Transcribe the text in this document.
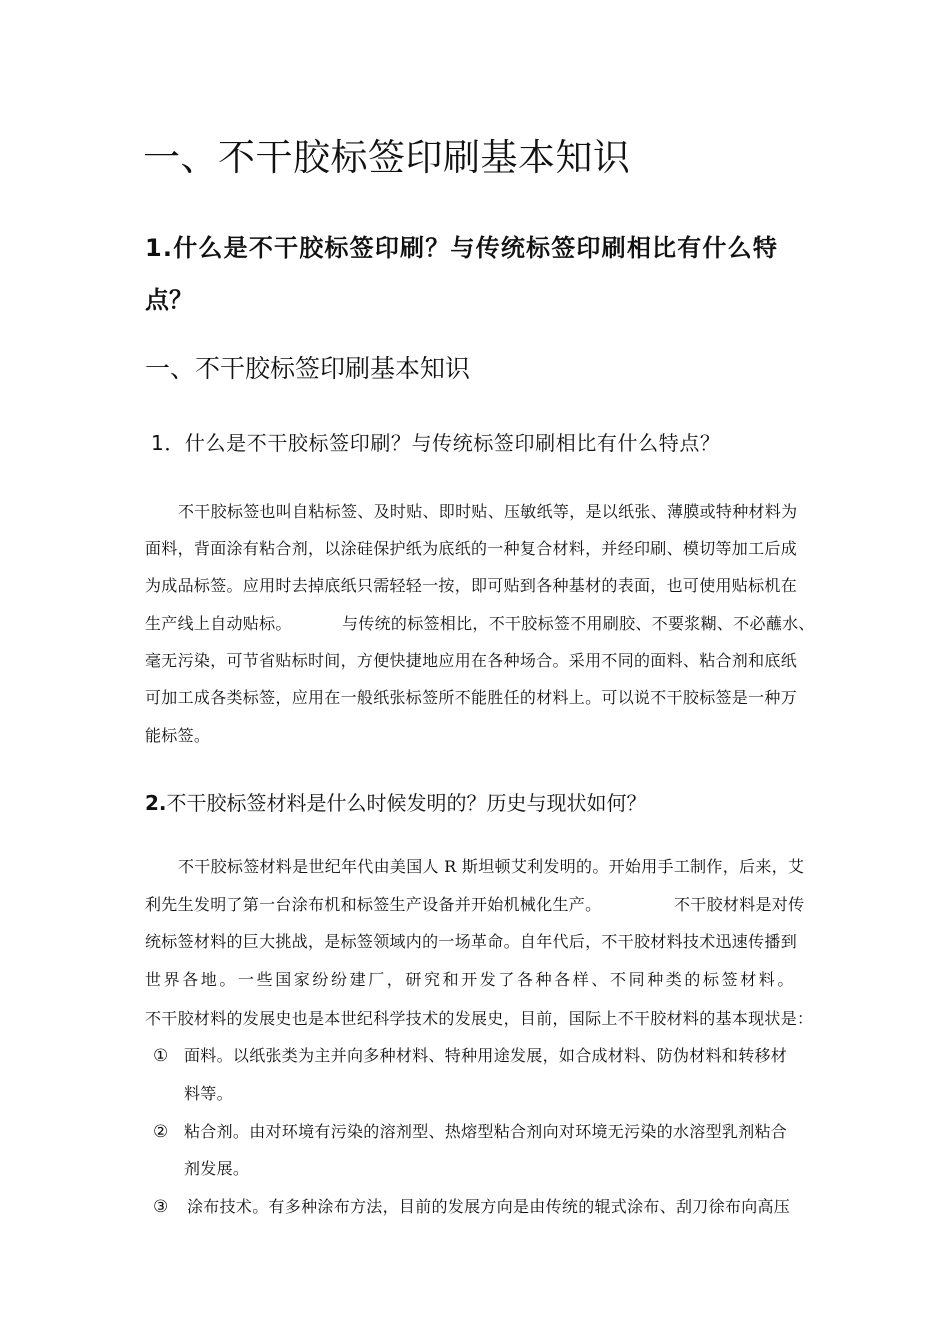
一、不干胶标签印刷基本知识
1.什么是不干胶标签印刷？与传统标签印刷相比有什么特
点？
一、不干胶标签印刷基本知识
1．什么是不干胶标签印刷？与传统标签印刷相比有什么特点？
不干胶标签也叫自粘标签、及时贴、即时贴、压敏纸等，是以纸张、薄膜或特种材料为
面料，背面涂有粘合剂，以涂硅保护纸为底纸的一种复合材料，并经印刷、模切等加工后成
为成品标签。应用时去掉底纸只需轻轻一按，即可贴到各种基材的表面，也可使用贴标机在
生产线上自动贴标。	与传统的标签相比，不干胶标签不用刷胶、不要浆糊、不必蘸水、
毫无污染，可节省贴标时间，方便快捷地应用在各种场合。采用不同的面料、粘合剂和底纸
可加工成各类标签，应用在一般纸张标签所不能胜任的材料上。可以说不干胶标签是一种万
能标签。
2.不干胶标签材料是什么时候发明的？历史与现状如何？
不干胶标签材料是世纪年代由美国人 R 斯坦顿艾利发明的。开始用手工制作，后来，艾
利先生发明了第一台涂布机和标签生产设备并开始机械化生产。	不干胶材料是对传
统标签材料的巨大挑战，是标签领域内的一场革命。自年代后，不干胶材料技术迅速传播到
世界各地。一些国家纷纷建厂，研究和开发了各种各样、不同种类的标签材料。
不干胶材料的发展史也是本世纪科学技术的发展史，目前，国际上不干胶材料的基本现状是：
① 面料。以纸张类为主并向多种材料、特种用途发展，如合成材料、防伪材料和转移材
料等。
② 粘合剂。由对环境有污染的溶剂型、热熔型粘合剂向对环境无污染的水溶型乳剂粘合
剂发展。
③ 涂布技术。有多种涂布方法，目前的发展方向是由传统的辊式涂布、刮刀徐布向高压
